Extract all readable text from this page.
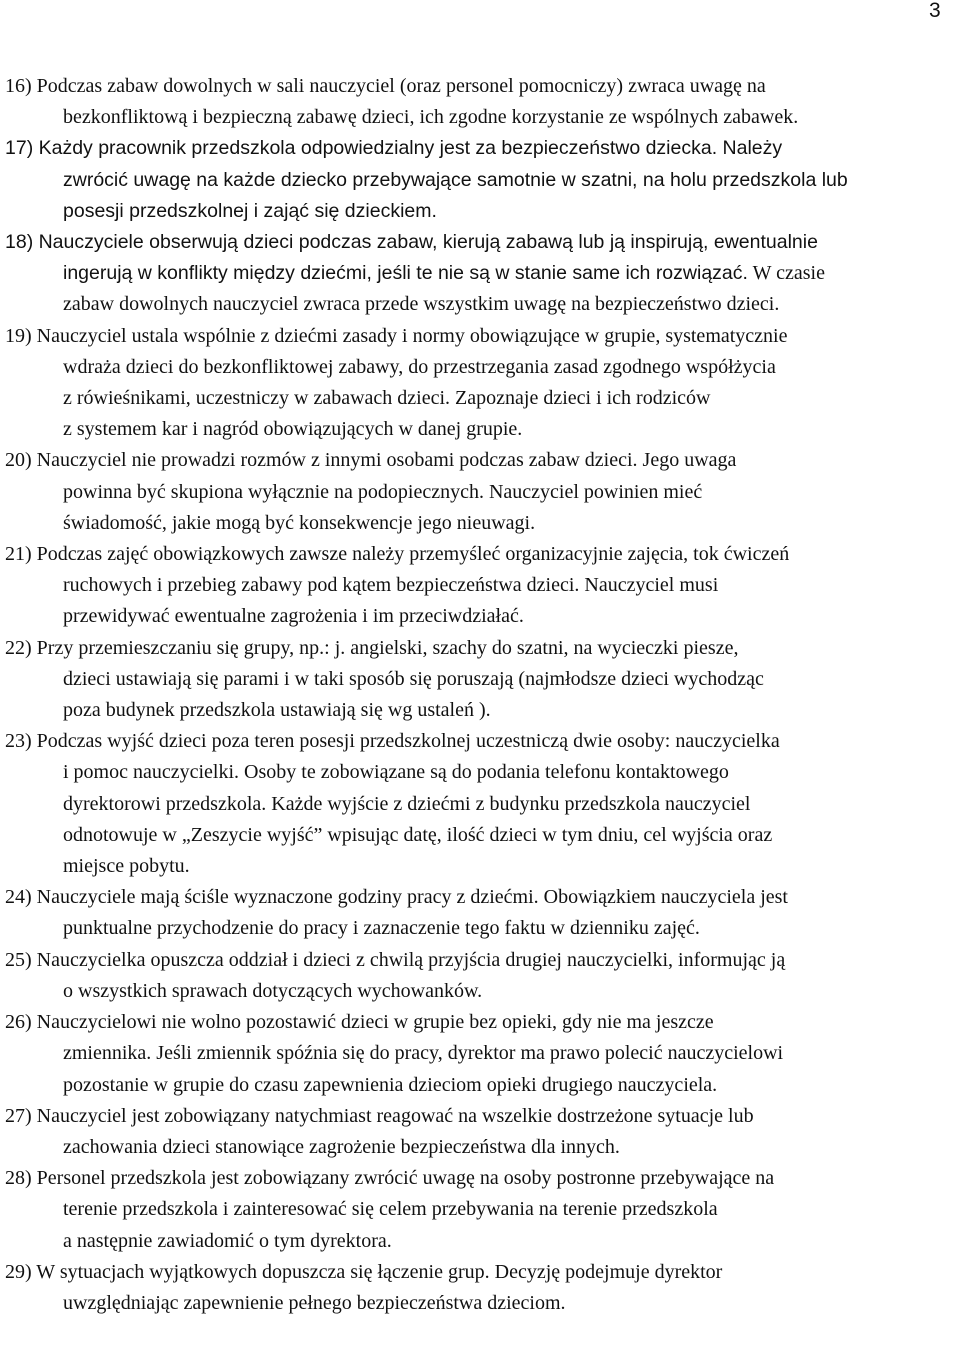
3
16) Podczas zabaw dowolnych w sali nauczyciel (oraz personel pomocniczy) zwraca uwagę na

bezkonfliktową i bezpieczną zabawę dzieci, ich zgodne korzystanie ze wspólnych zabawek.
17) Każdy pracownik przedszkola odpowiedzialny jest za bezpieczeństwo dziecka. Należy

zwrócić uwagę na każde dziecko przebywające samotnie w szatni, na holu przedszkola lub
posesji przedszkolnej i zająć się dzieckiem.
18) Nauczyciele obserwują dzieci podczas zabaw, kierują zabawą lub ją inspirują, ewentualnie

ingerują w konflikty między dziećmi, jeśli te nie są w stanie same ich rozwiązać. W czasie
zabaw dowolnych nauczyciel zwraca przede wszystkim uwagę na bezpieczeństwo dzieci.
19) Nauczyciel ustala wspólnie z dziećmi zasady i normy obowiązujące w grupie, systematycznie

wdraża dzieci do bezkonfliktowej zabawy, do przestrzegania zasad zgodnego współżycia
z rówieśnikami, uczestniczy w zabawach dzieci. Zapoznaje dzieci i ich rodziców
z systemem kar i nagród obowiązujących w danej grupie.
20) Nauczyciel nie prowadzi rozmów z innymi osobami podczas zabaw dzieci. Jego uwaga

powinna być skupiona wyłącznie na podopiecznych. Nauczyciel powinien mieć
świadomość, jakie mogą być konsekwencje jego nieuwagi.
21) Podczas zajęć obowiązkowych zawsze należy przemyśleć organizacyjnie zajęcia, tok ćwiczeń

ruchowych i przebieg zabawy pod kątem bezpieczeństwa dzieci. Nauczyciel musi
przewidywać ewentualne zagrożenia i im przeciwdziałać.
22) Przy przemieszczaniu się grupy, np.: j. angielski, szachy do szatni, na wycieczki piesze,

dzieci ustawiają się parami i w taki sposób się poruszają (najmłodsze dzieci wychodząc
poza budynek przedszkola ustawiają się wg ustaleń ).
23) Podczas wyjść dzieci poza teren posesji przedszkolnej uczestniczą dwie osoby: nauczycielka

i pomoc nauczycielki. Osoby te zobowiązane są do podania telefonu kontaktowego
dyrektorowi przedszkola. Każde wyjście z dziećmi z budynku przedszkola nauczyciel
odnotowuje w „Zeszycie wyjść” wpisując datę, ilość dzieci w tym dniu, cel wyjścia oraz
miejsce pobytu.
24) Nauczyciele mają ściśle wyznaczone godziny pracy z dziećmi. Obowiązkiem nauczyciela jest

punktualne przychodzenie do pracy i zaznaczenie tego faktu w dzienniku zajęć.
25) Nauczycielka opuszcza oddział i dzieci z chwilą przyjścia drugiej nauczycielki, informując ją

o wszystkich sprawach dotyczących wychowanków.
26) Nauczycielowi nie wolno pozostawić dzieci w grupie bez opieki, gdy nie ma jeszcze

zmiennika. Jeśli zmiennik spóźnia się do pracy, dyrektor ma prawo polecić nauczycielowi
pozostanie w grupie do czasu zapewnienia dzieciom opieki drugiego nauczyciela.
27) Nauczyciel jest zobowiązany natychmiast reagować na wszelkie dostrzeżone sytuacje lub

zachowania dzieci stanowiące zagrożenie bezpieczeństwa dla innych.
28) Personel przedszkola jest zobowiązany zwrócić uwagę na osoby postronne przebywające na

terenie przedszkola i zainteresować się celem przebywania na terenie przedszkola
a następnie zawiadomić o tym dyrektora.
29) W sytuacjach wyjątkowych dopuszcza się łączenie grup. Decyzję podejmuje dyrektor

uwzględniając zapewnienie pełnego bezpieczeństwa dzieciom.
